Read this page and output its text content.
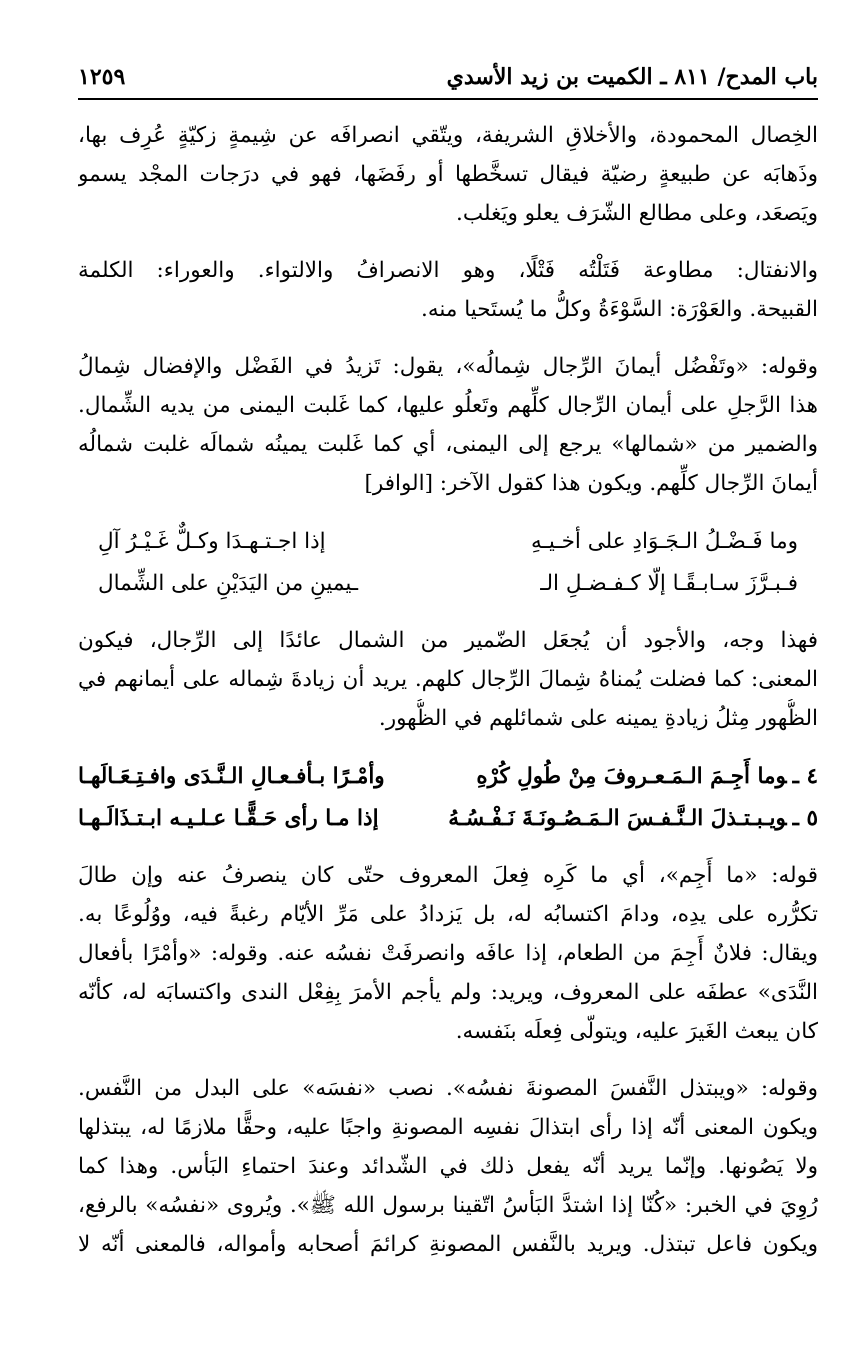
باب المدح/ ٨١١ ـ الكميت بن زيد الأسدي
١٢٥٩
الخِصال المحمودة، والأخلاقِ الشريفة، ويتّقي انصرافَه عن شِيمةٍ زكيّةٍ عُرِف بها،
وذَهابَه عن طبيعةٍ رضيّة فيقال تسخَّطها أو رفَضَها، فهو في درَجات المجْد يسمو
ويَصعَد، وعلى مطالع الشّرَف يعلو ويَغلب.
والانفتال: مطاوعة فَتَلْتُه فَتْلًا، وهو الانصرافُ والالتواء. والعوراء: الكلمة
القبيحة. والعَوْرَة: السَّوْءَةُ وكلُّ ما يُستَحيا منه.
وقوله: «وتَفْضُل أيمانَ الرِّجال شِمالُه»، يقول: تَزيدُ في الفَضْل والإفضال شِمالُ
هذا الرَّجلِ على أيمان الرِّجال كلِّهم وتَعلُو عليها، كما غَلبت اليمنى من يديه الشِّمال.
والضمير من «شمالها» يرجع إلى اليمنى، أي كما غَلبت يمينُه شمالَه غلبت شمالُه
أيمانَ الرِّجال كلِّهم. ويكون هذا كقول الآخر: [الوافر]
وما فَـضْـلُ الـجَـوَادِ على أخـيـهِ
إذا اجـتـهـدَا وكـلٌّ غَـيْـرُ آلِ
فـبـرَّزَ سـابـقًـا إلّا كـفـضـلِ الـ
ـيمينِ من اليَدَيْنِ على الشِّمال
فهذا وجه، والأجود أن يُجعَل الضّمير من الشمال عائدًا إلى الرِّجال، فيكون
المعنى: كما فضلت يُمناهُ شِمالَ الرِّجال كلهم. يريد أن زيادةَ شِماله على أيمانهم في
الظُّهور مِثلُ زيادةِ يمينه على شمائلهم في الظُّهور.
٤ ـوما أَجِـمَ الـمَـعـروفَ مِنْ طُولِ كُرْهِ
وأمْـرًا بـأفـعـالِ الـنَّـدَى وافـتِـعَـالَهـا
٥ ـويـبـتـذلَ الـنَّـفـسَ الـمَـصُـونَـةَ نَـفْـسُـهُ
إذا مـا رأى حَـقًّـا عـلـيـه ابـتـذَالَـهـا
قوله: «ما أَجِم»، أي ما كَرِه فِعلَ المعروف حتّى كان ينصرفُ عنه وإن طالَ
تكرُّره على يدِه، ودامَ اكتسابُه له، بل يَزدادُ على مَرِّ الأيّام رغبةً فيه، ووُلُوعًا به.
ويقال: فلانٌ أَجِمَ من الطعام، إذا عافَه وانصرفَتْ نفسُه عنه. وقوله: «وأمْرًا بأفعال
النَّدَى» عطفَه على المعروف، ويريد: ولم يأجم الأمرَ بِفِعْل الندى واكتسابَه له، كأنّه
كان يبعث الغَيرَ عليه، ويتولّى فِعلَه بنَفسه.
وقوله: «ويبتذل النَّفسَ المصونةَ نفسُه». نصب «نفسَه» على البدل من النَّفس.
ويكون المعنى أنّه إذا رأى ابتذالَ نفسِه المصونةِ واجبًا عليه، وحقًّا ملازمًا له، يبتذلها
ولا يَصُونها. وإنّما يريد أنّه يفعل ذلك في الشّدائد وعندَ احتماءِ البَأس. وهذا كما
رُوِيَ في الخبر: «كُنّا إذا اشتدَّ البَأسُ اتّقينا برسول الله ﷺ». ويُروى «نفسُه» بالرفع،
ويكون فاعل تبتذل. ويريد بالنَّفس المصونةِ كرائمَ أصحابه وأمواله، فالمعنى أنّه لا
